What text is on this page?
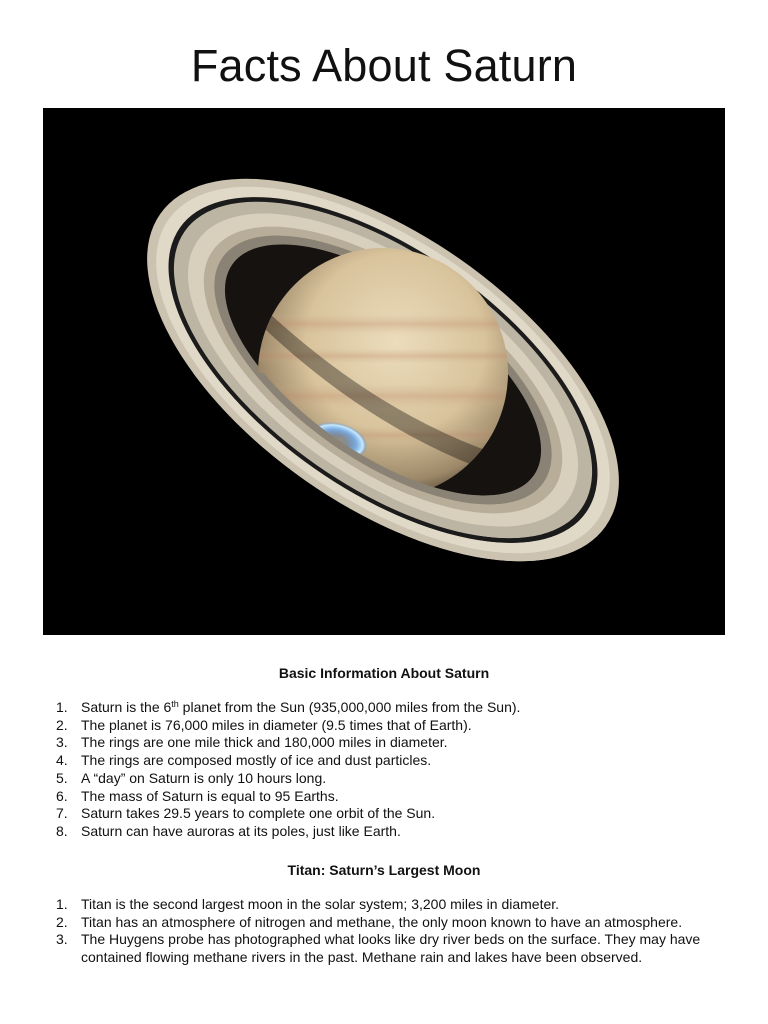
Facts About Saturn
Basic Information About Saturn
1. Saturn is the 6th planet from the Sun (935,000,000 miles from the Sun).
2. The planet is 76,000 miles in diameter (9.5 times that of Earth).
3. The rings are one mile thick and 180,000 miles in diameter.
4. The rings are composed mostly of ice and dust particles.
5. A “day” on Saturn is only 10 hours long.
6. The mass of Saturn is equal to 95 Earths.
7. Saturn takes 29.5 years to complete one orbit of the Sun.
8. Saturn can have auroras at its poles, just like Earth.
Titan: Saturn’s Largest Moon
1. Titan is the second largest moon in the solar system; 3,200 miles in diameter.
2. Titan has an atmosphere of nitrogen and methane, the only moon known to have an atmosphere.
3. The Huygens probe has photographed what looks like dry river beds on the surface. They may have contained flowing methane rivers in the past. Methane rain and lakes have been observed.
